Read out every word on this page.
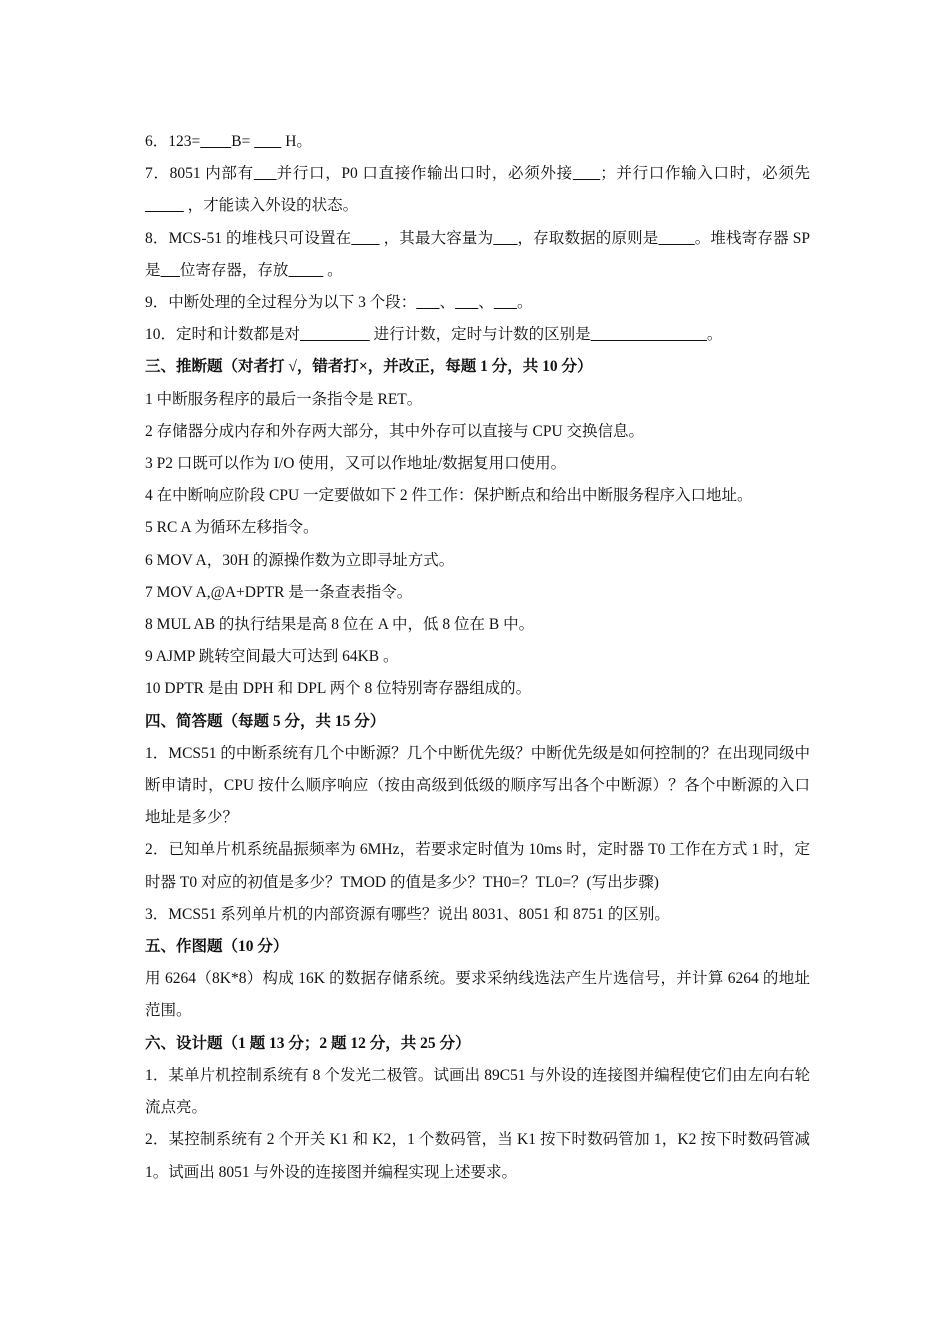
6．123= B= H。
7．8051 内部有 并行口，P0 口直接作输出口时，必须外接 ；并行口作输入口时，必须先           ，才能读入外设的状态。
8．MCS-51 的堆栈只可设置在 ，其最大容量为 ，存取数据的原则是 。堆栈寄存器 SP 是 位寄存器，存放	。
9．中断处理的全过程分为以下 3 个段： 、 、 。
10．定时和计数都是对	进行计数，定时与计数的区别是	。
三、推断题（对者打 √，错者打×，并改正，每题 1 分，共 10 分）
1 中断服务程序的最后一条指令是 RET。
2 存储器分成内存和外存两大部分，其中外存可以直接与 CPU 交换信息。
3 P2 口既可以作为 I/O 使用，又可以作地址/数据复用口使用。
4 在中断响应阶段 CPU 一定要做如下 2 件工作：保护断点和给出中断服务程序入口地址。
5 RC A 为循环左移指令。
6 MOV A，30H 的源操作数为立即寻址方式。
7 MOV A,@A+DPTR 是一条查表指令。
8 MUL AB 的执行结果是高 8 位在 A 中，低 8 位在 B 中。
9 AJMP 跳转空间最大可达到 64KB 。
10 DPTR 是由 DPH 和 DPL 两个 8 位特别寄存器组成的。
四、简答题（每题 5 分，共 15 分）
1．MCS51 的中断系统有几个中断源？几个中断优先级？中断优先级是如何控制的？在出现同级中断申请时，CPU 按什么顺序响应（按由高级到低级的顺序写出各个中断源）？各个中断源的入口地址是多少？
2．已知单片机系统晶振频率为 6MHz，若要求定时值为 10ms 时，定时器 T0 工作在方式 1 时，定时器 T0 对应的初值是多少？TMOD 的值是多少？TH0=？TL0=？(写出步骤)
3．MCS51 系列单片机的内部资源有哪些？说出 8031、8051 和 8751 的区别。
五、作图题（10 分）
用 6264（8K*8）构成 16K 的数据存储系统。要求采纳线选法产生片选信号，并计算 6264 的地址范围。
六、设计题（1 题 13 分；2 题 12 分，共 25 分）
1．某单片机控制系统有 8 个发光二极管。试画出 89C51 与外设的连接图并编程使它们由左向右轮流点亮。
2．某控制系统有 2 个开关 K1 和 K2，1 个数码管，当 K1 按下时数码管加 1，K2 按下时数码管减 1。试画出 8051 与外设的连接图并编程实现上述要求。
